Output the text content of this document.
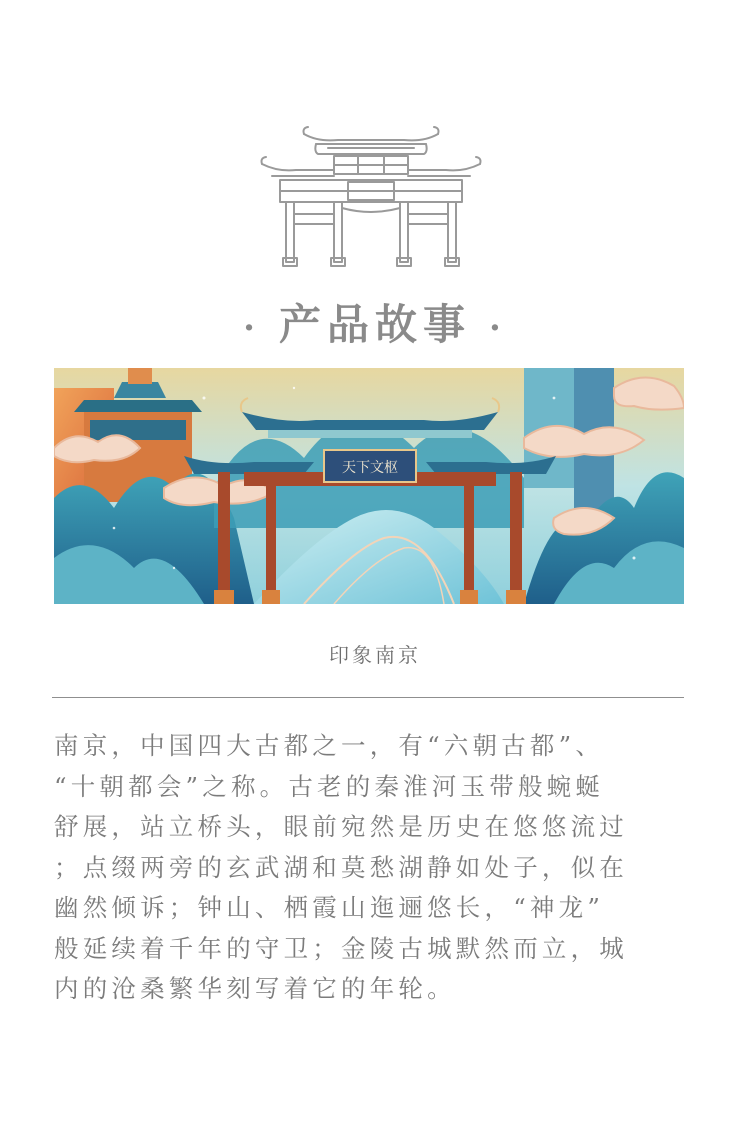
· 产品故事 ·
天下文枢
印象南京
南京，中国四大古都之一，有“六朝古都”、
“十朝都会”之称。古老的秦淮河玉带般蜿蜒
舒展，站立桥头，眼前宛然是历史在悠悠流过
；点缀两旁的玄武湖和莫愁湖静如处子，似在
幽然倾诉；钟山、栖霞山迤逦悠长，“神龙”
般延续着千年的守卫；金陵古城默然而立，城
内的沧桑繁华刻写着它的年轮。
